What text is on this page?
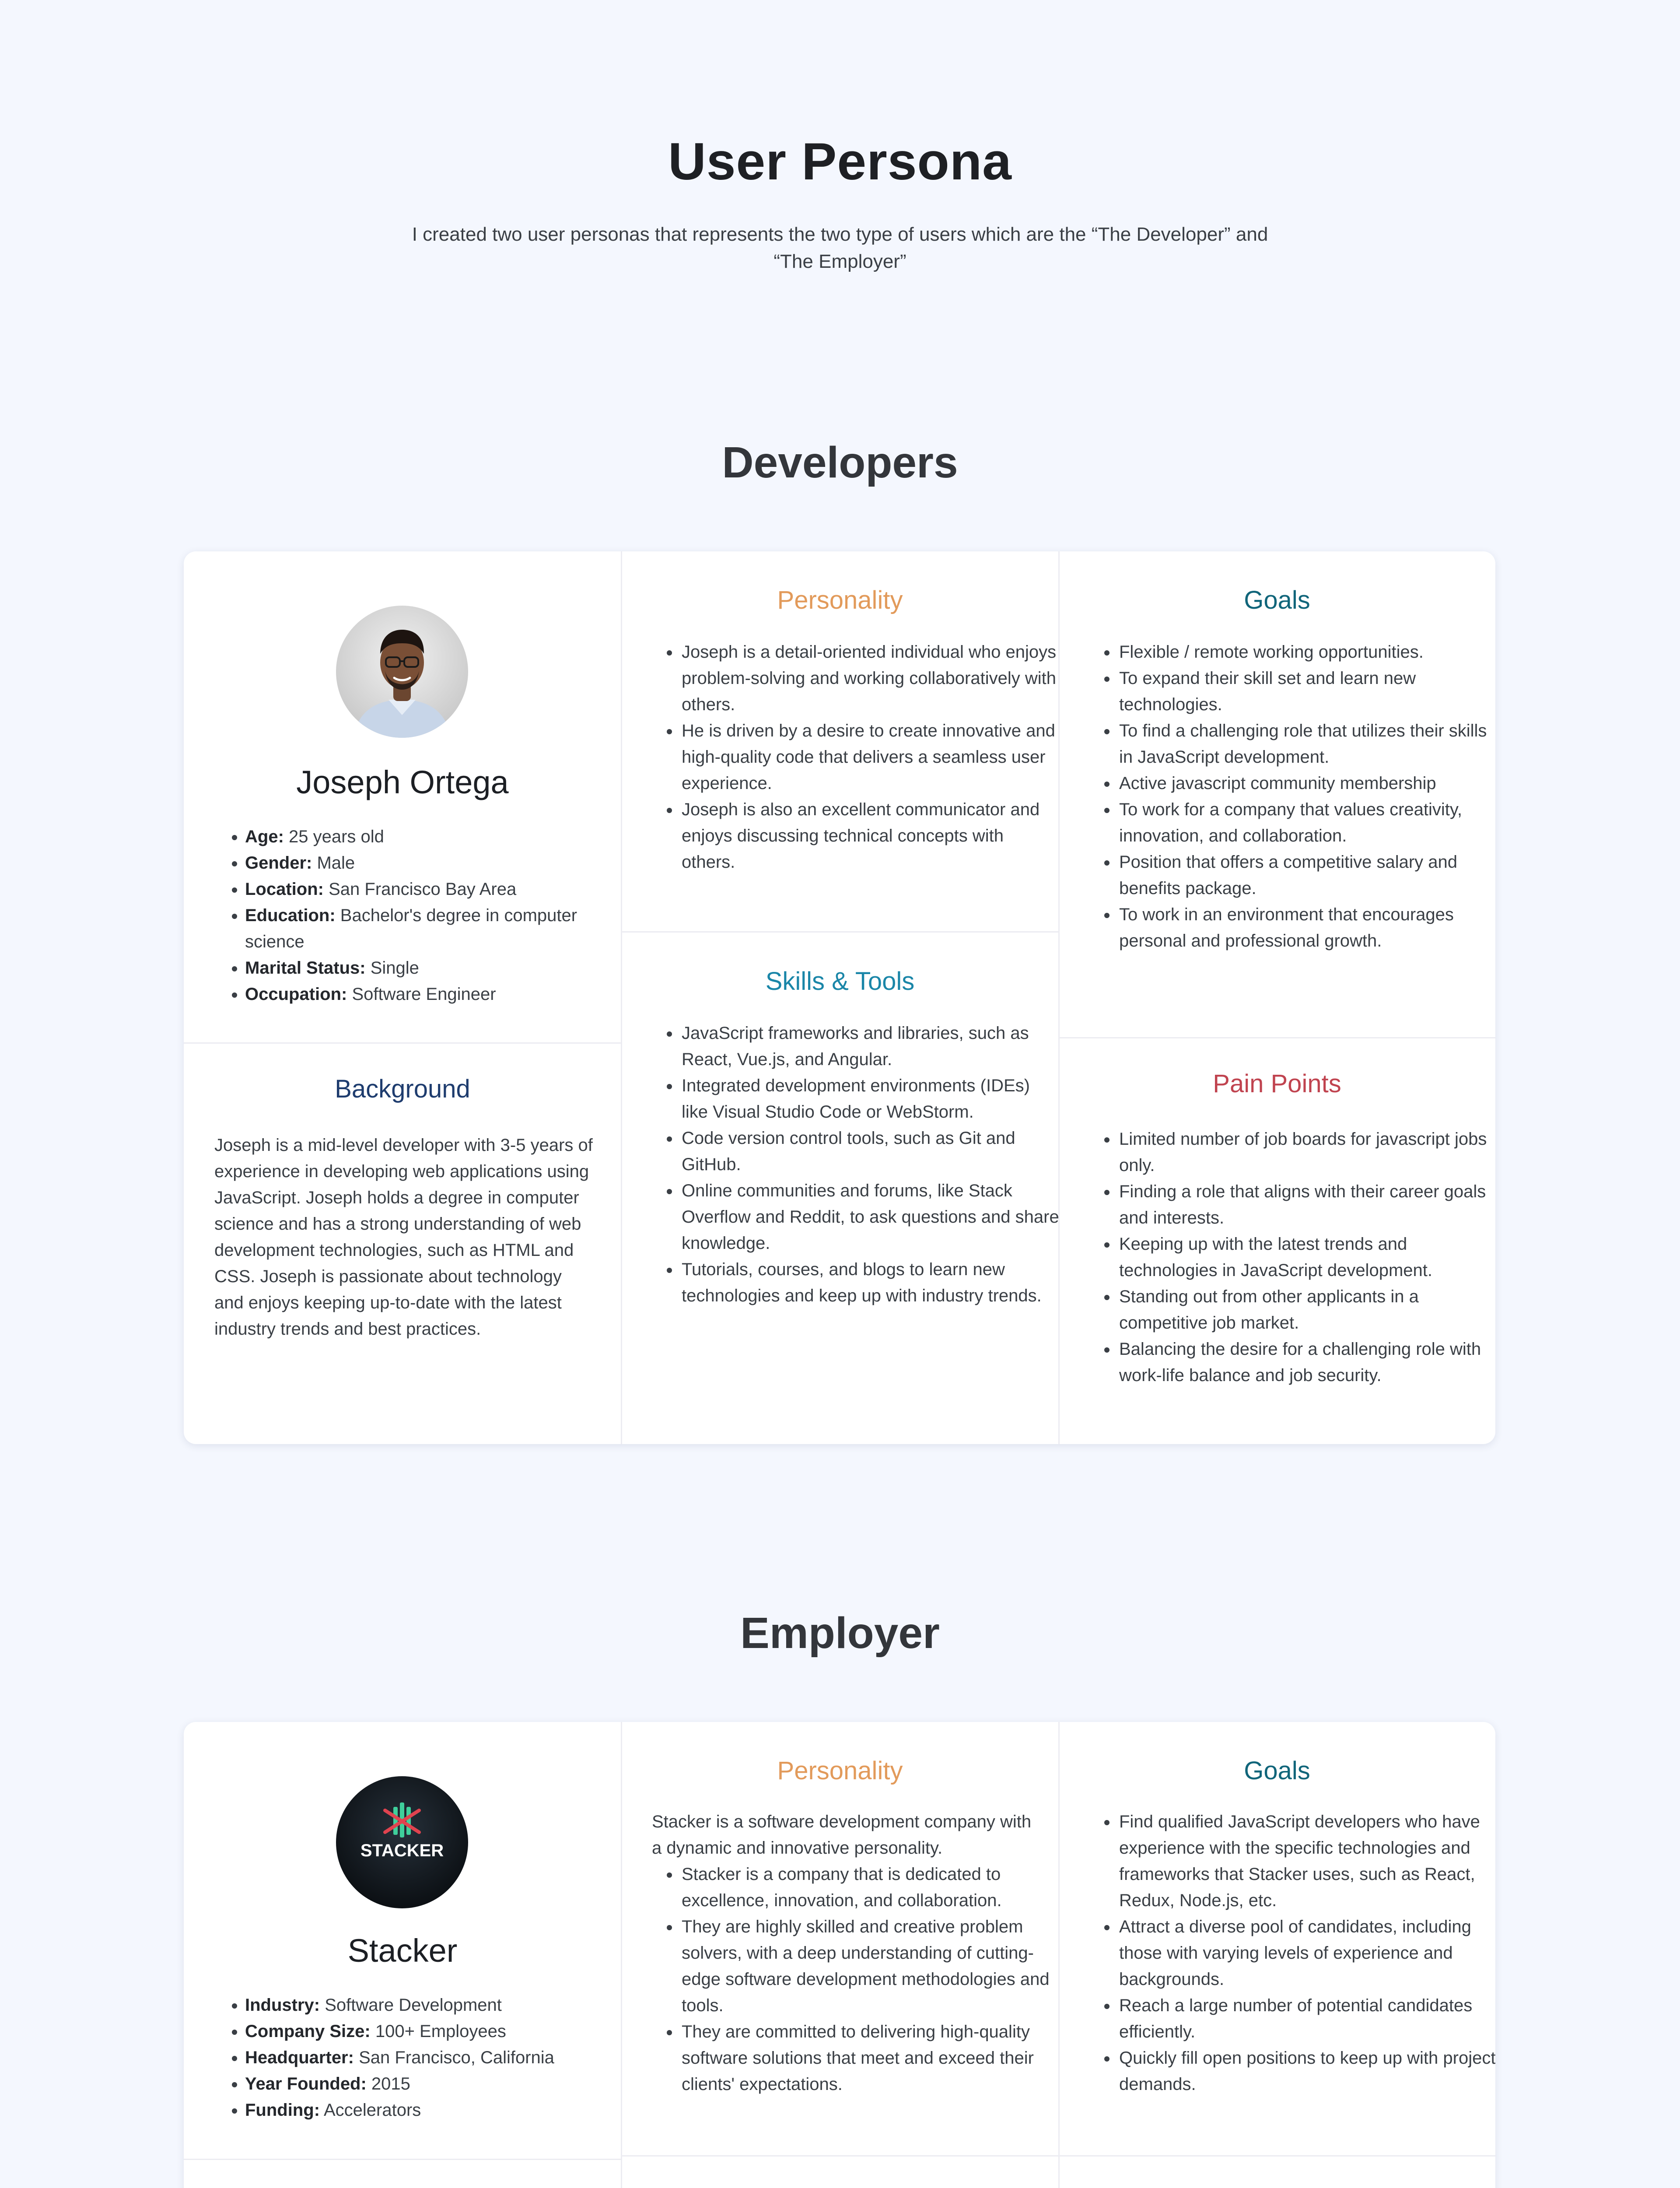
User Persona

I created two user personas that represents the two type of users which are the “The Developer” and “The Employer”

Developers
Joseph Ortega
• Age: 25 years old
• Gender: Male
• Location: San Francisco Bay Area
• Education: Bachelor's degree in computer science
• Marital Status: Single
• Occupation: Software Engineer
Background

Joseph is a mid-level developer with 3-5 years of experience in developing web applications using JavaScript. Joseph holds a degree in computer science and has a strong understanding of web development technologies, such as HTML and CSS. Joseph is passionate about technology and enjoys keeping up-to-date with the latest industry trends and best practices.

Personality
• Joseph is a detail-oriented individual who enjoys problem-solving and working collaboratively with others.
• He is driven by a desire to create innovative and high-quality code that delivers a seamless user experience.
• Joseph is also an excellent communicator and enjoys discussing technical concepts with others.
Skills & Tools
• JavaScript frameworks and libraries, such as React, Vue.js, and Angular.
• Integrated development environments (IDEs) like Visual Studio Code or WebStorm.
• Code version control tools, such as Git and GitHub.
• Online communities and forums, like Stack Overflow and Reddit, to ask questions and share knowledge.
• Tutorials, courses, and blogs to learn new technologies and keep up with industry trends.
Goals
• Flexible / remote working opportunities.
• To expand their skill set and learn new technologies.
• To find a challenging role that utilizes their skills in JavaScript development.
• Active javascript community membership
• To work for a company that values creativity, innovation, and collaboration.
• Position that offers a competitive salary and benefits package.
• To work in an environment that encourages personal and professional growth.
Pain Points
• Limited number of job boards for javascript jobs only.
• Finding a role that aligns with their career goals and interests.
• Keeping up with the latest trends and technologies in JavaScript development.
• Standing out from other applicants in a competitive job market.
• Balancing the desire for a challenging role with work-life balance and job security.
Employer
STACKER
Stacker
• Industry: Software Development
• Company Size: 100+ Employees
• Headquarter: San Francisco, California
• Year Founded: 2015
• Funding: Accelerators

Personality

Stacker is a software development company with a dynamic and innovative personality.

• Stacker is a company that is dedicated to excellence, innovation, and collaboration.
• They are highly skilled and creative problem solvers, with a deep understanding of cutting-edge software development methodologies and tools.
• They are committed to delivering high-quality software solutions that meet and exceed their clients' expectations.
Goals
• Find qualified JavaScript developers who have experience with the specific technologies and frameworks that Stacker uses, such as React, Redux, Node.js, etc.
• Attract a diverse pool of candidates, including those with varying levels of experience and backgrounds.
• Reach a large number of potential candidates efficiently.
• Quickly fill open positions to keep up with project demands.
